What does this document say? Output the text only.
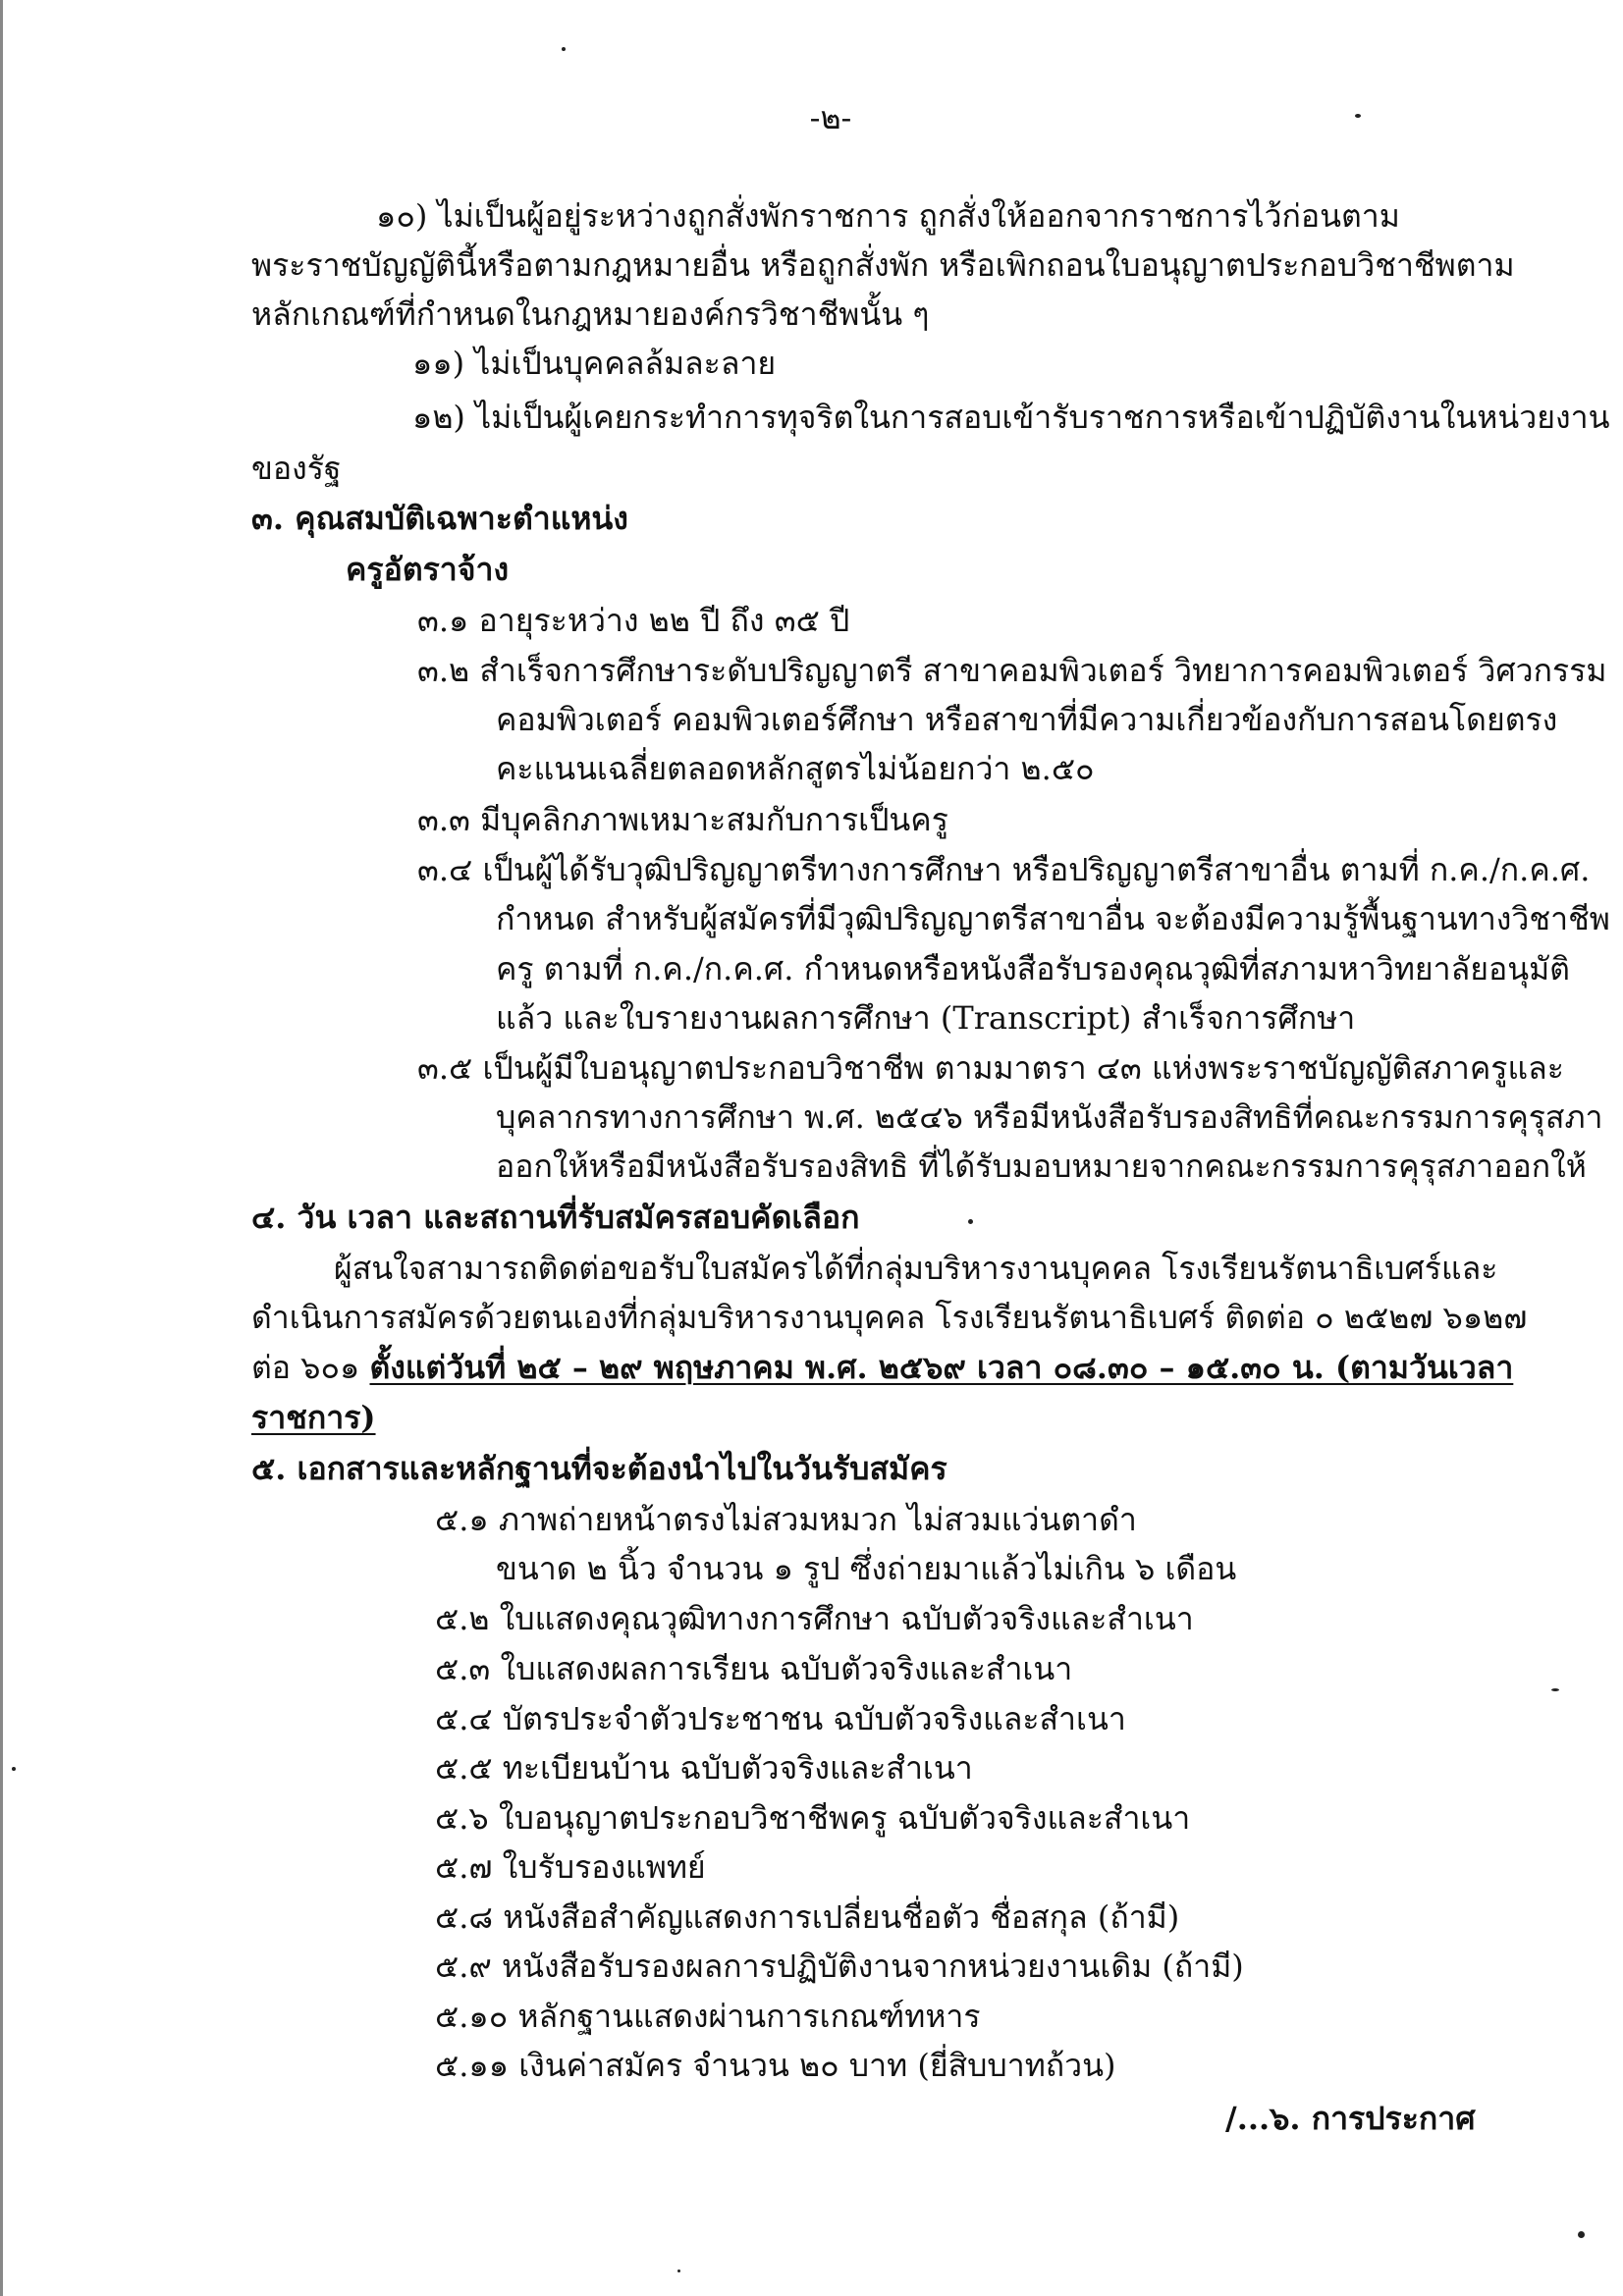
-๒-
๑๐) ไม่เป็นผู้อยู่ระหว่างถูกสั่งพักราชการ ถูกสั่งให้ออกจากราชการไว้ก่อนตาม
พระราชบัญญัตินี้หรือตามกฎหมายอื่น หรือถูกสั่งพัก หรือเพิกถอนใบอนุญาตประกอบวิชาชีพตาม
หลักเกณฑ์ที่กำหนดในกฎหมายองค์กรวิชาชีพนั้น ๆ
๑๑) ไม่เป็นบุคคลล้มละลาย
๑๒) ไม่เป็นผู้เคยกระทำการทุจริตในการสอบเข้ารับราชการหรือเข้าปฏิบัติงานในหน่วยงาน
ของรัฐ
๓. คุณสมบัติเฉพาะตำแหน่ง
ครูอัตราจ้าง
๓.๑ อายุระหว่าง ๒๒ ปี ถึง ๓๕ ปี
๓.๒ สำเร็จการศึกษาระดับปริญญาตรี สาขาคอมพิวเตอร์ วิทยาการคอมพิวเตอร์ วิศวกรรม
คอมพิวเตอร์ คอมพิวเตอร์ศึกษา หรือสาขาที่มีความเกี่ยวข้องกับการสอนโดยตรง
คะแนนเฉลี่ยตลอดหลักสูตรไม่น้อยกว่า ๒.๕๐
๓.๓ มีบุคลิกภาพเหมาะสมกับการเป็นครู
๓.๔ เป็นผู้ได้รับวุฒิปริญญาตรีทางการศึกษา หรือปริญญาตรีสาขาอื่น ตามที่ ก.ค./ก.ค.ศ.
กำหนด สำหรับผู้สมัครที่มีวุฒิปริญญาตรีสาขาอื่น จะต้องมีความรู้พื้นฐานทางวิชาชีพ
ครู ตามที่ ก.ค./ก.ค.ศ. กำหนดหรือหนังสือรับรองคุณวุฒิที่สภามหาวิทยาลัยอนุมัติ
แล้ว และใบรายงานผลการศึกษา (Transcript) สำเร็จการศึกษา
๓.๕ เป็นผู้มีใบอนุญาตประกอบวิชาชีพ ตามมาตรา ๔๓ แห่งพระราชบัญญัติสภาครูและ
บุคลากรทางการศึกษา พ.ศ. ๒๕๔๖ หรือมีหนังสือรับรองสิทธิที่คณะกรรมการคุรุสภา
ออกให้หรือมีหนังสือรับรองสิทธิ ที่ได้รับมอบหมายจากคณะกรรมการคุรุสภาออกให้
๔. วัน เวลา และสถานที่รับสมัครสอบคัดเลือก
ผู้สนใจสามารถติดต่อขอรับใบสมัครได้ที่กลุ่มบริหารงานบุคคล โรงเรียนรัตนาธิเบศร์และ
ดำเนินการสมัครด้วยตนเองที่กลุ่มบริหารงานบุคคล โรงเรียนรัตนาธิเบศร์ ติดต่อ ๐ ๒๕๒๗ ๖๑๒๗
ต่อ ๖๐๑ ตั้งแต่วันที่ ๒๕ – ๒๙ พฤษภาคม พ.ศ. ๒๕๖๙ เวลา ๐๘.๓๐ – ๑๕.๓๐ น. (ตามวันเวลา
ราชการ)
๕. เอกสารและหลักฐานที่จะต้องนำไปในวันรับสมัคร
๕.๑ ภาพถ่ายหน้าตรงไม่สวมหมวก ไม่สวมแว่นตาดำ
ขนาด ๒ นิ้ว จำนวน ๑ รูป ซึ่งถ่ายมาแล้วไม่เกิน ๖ เดือน
๕.๒ ใบแสดงคุณวุฒิทางการศึกษา ฉบับตัวจริงและสำเนา
๕.๓ ใบแสดงผลการเรียน ฉบับตัวจริงและสำเนา
๕.๔ บัตรประจำตัวประชาชน ฉบับตัวจริงและสำเนา
๕.๕ ทะเบียนบ้าน ฉบับตัวจริงและสำเนา
๕.๖ ใบอนุญาตประกอบวิชาชีพครู ฉบับตัวจริงและสำเนา
๕.๗ ใบรับรองแพทย์
๕.๘ หนังสือสำคัญแสดงการเปลี่ยนชื่อตัว ชื่อสกุล (ถ้ามี)
๕.๙ หนังสือรับรองผลการปฏิบัติงานจากหน่วยงานเดิม (ถ้ามี)
๕.๑๐ หลักฐานแสดงผ่านการเกณฑ์ทหาร
๕.๑๑ เงินค่าสมัคร จำนวน ๒๐ บาท (ยี่สิบบาทถ้วน)
/...๖. การประกาศ
